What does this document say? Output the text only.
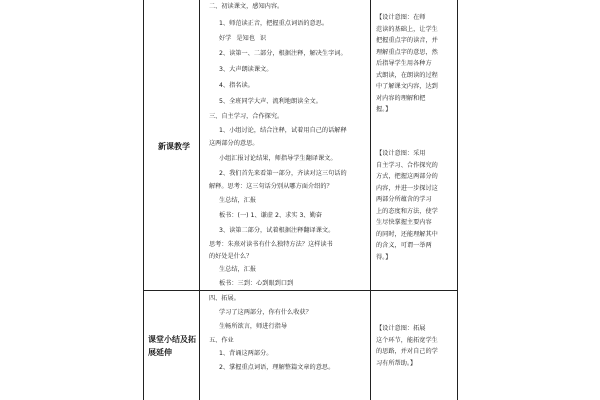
新课教学
课堂小结及拓
展延伸
二、初读课文，感知内容。
1、师范读正音，把握重点词语的意思。
好学 是知也 识
2、读第一、二部分，根据注释，解决生字词。
3、大声朗读课文。
4、指名读。
5、全班同学大声、流利地朗读全文。
三、自主学习，合作探究。
1、小组讨论，结合注释，试着用自己的话解释
这两部分的意思。
小组汇报讨论结果，师指导学生翻译课文。
2、我们首先来看第一部分，齐读对这三句话的
解释。思考：这三句话分别从哪方面介绍的？
生总结，汇报
板书：(一) 1、谦虚 2、求实 3、勤奋
3、读第二部分，试着根据注释翻译课文。
思考：朱熹对读书有什么独特方法？这样读书
的好处是什么？
生总结，汇报
板书：三到：心到眼到口到
四、拓展。
学习了这两部分，你有什么收获？
生畅所欲言，师进行指导
五、作业
1、背诵这两部分。
2、掌握重点词语，理解整篇文章的意思。
【设计意图：在师
范读的基础上，让学生
把握重点字的读音，并
理解重点字的意思，然
后指导学生用各种方
式朗读，在朗读的过程
中了解课文内容，达到
对内容的理解和把
握。】
【设计意图：采用
自主学习、合作探究的
方式，把握这两部分的
内容，并进一步探讨这
两部分所蕴含的学习
上的态度和方法，使学
生尽快掌握主要内容
的同时，还能理解其中
的含义，可谓一举两
得。】
【设计意图：拓展
这个环节，能拓宽学生
的思路，并对自己的学
习有所帮助。】
